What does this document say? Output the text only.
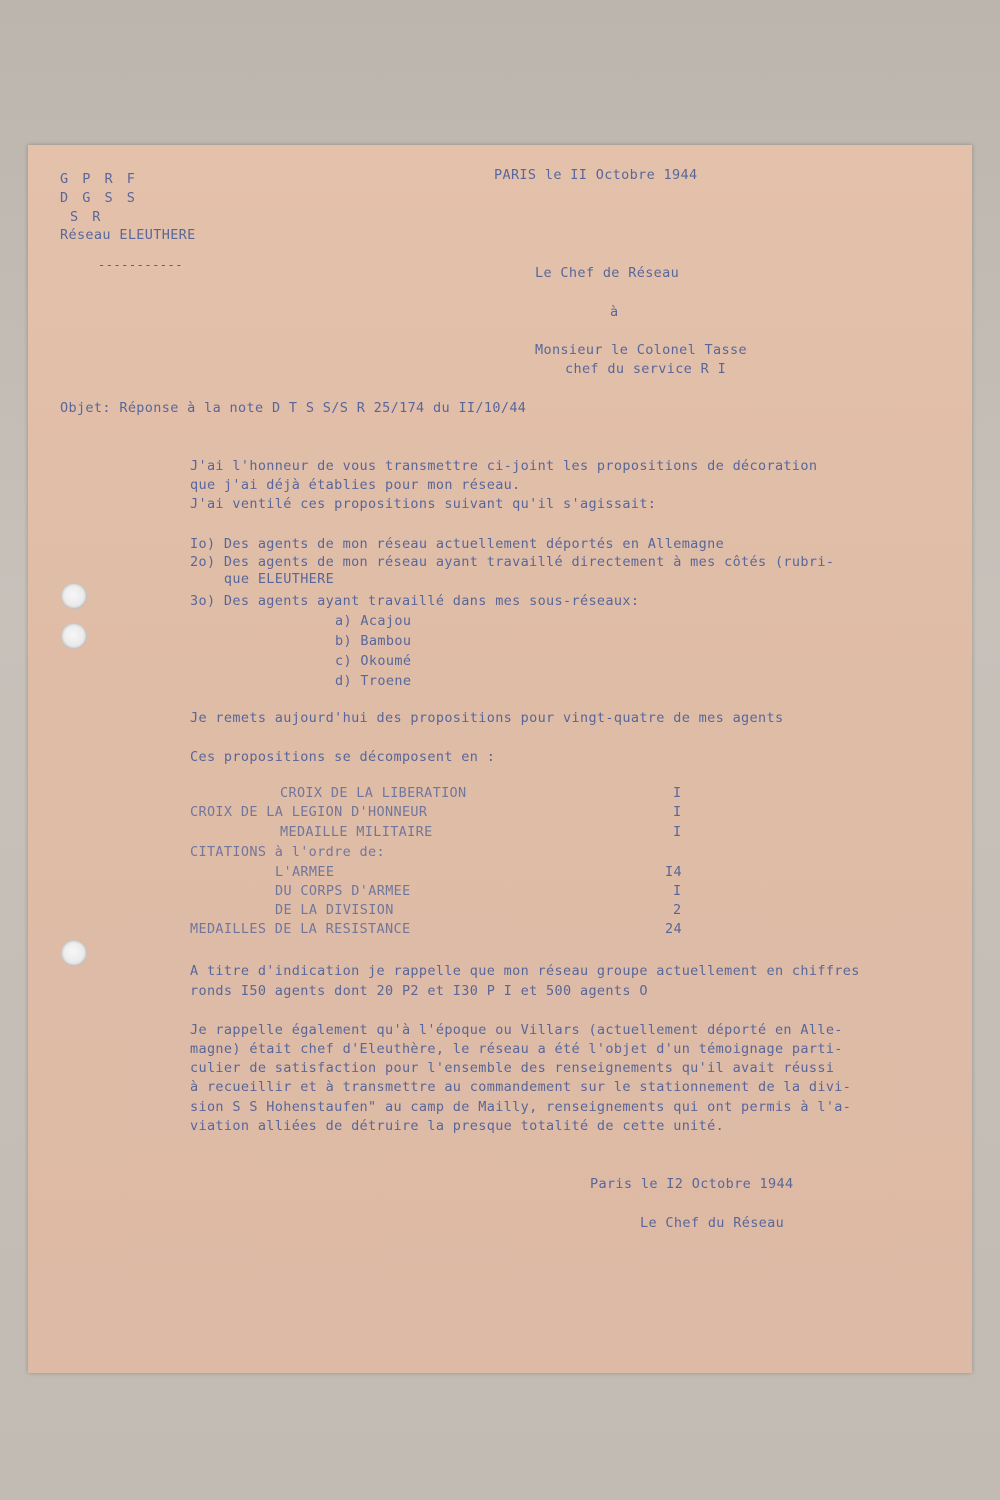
G P R F

D G S S

S R

Réseau ELEUTHERE

-----------

PARIS le II Octobre 1944

Le Chef de Réseau

à

Monsieur le Colonel Tasse

chef du service R I

Objet: Réponse à la note D T S S/S R 25/174 du II/10/44

J'ai l'honneur de vous transmettre ci-joint les propositions de décoration

que j'ai déjà établies pour mon réseau.

J'ai ventilé ces propositions suivant qu'il s'agissait:

Io) Des agents de mon réseau actuellement déportés en Allemagne

2o) Des agents de mon réseau ayant travaillé directement à mes côtés (rubri-

que ELEUTHERE

3o) Des agents ayant travaillé dans mes sous-réseaux:

a) Acajou

b) Bambou

c) Okoumé

d) Troene

Je remets aujourd'hui des propositions pour vingt-quatre de mes agents

Ces propositions se décomposent en :

CROIX DE LA LIBERATION	I

CROIX DE LA LEGION D'HONNEUR	I

MEDAILLE MILITAIRE	I

CITATIONS à l'ordre de:

L'ARMEE	I4

DU CORPS D'ARMEE	I

DE LA DIVISION	2

MEDAILLES DE LA RESISTANCE	24

A titre d'indication je rappelle que mon réseau groupe actuellement en chiffres

ronds I50 agents dont 20 P2 et I30 P I et 500 agents O

Je rappelle également qu'à l'époque ou Villars (actuellement déporté en Alle-

magne) était chef d'Eleuthère, le réseau a été l'objet d'un témoignage parti-

culier de satisfaction pour l'ensemble des renseignements qu'il avait réussi

à recueillir et à transmettre au commandement sur le stationnement de la divi-

sion S S Hohenstaufen" au camp de Mailly, renseignements qui ont permis à l'a-

viation alliées de détruire la presque totalité de cette unité.

Paris le I2 Octobre 1944

Le Chef du Réseau
